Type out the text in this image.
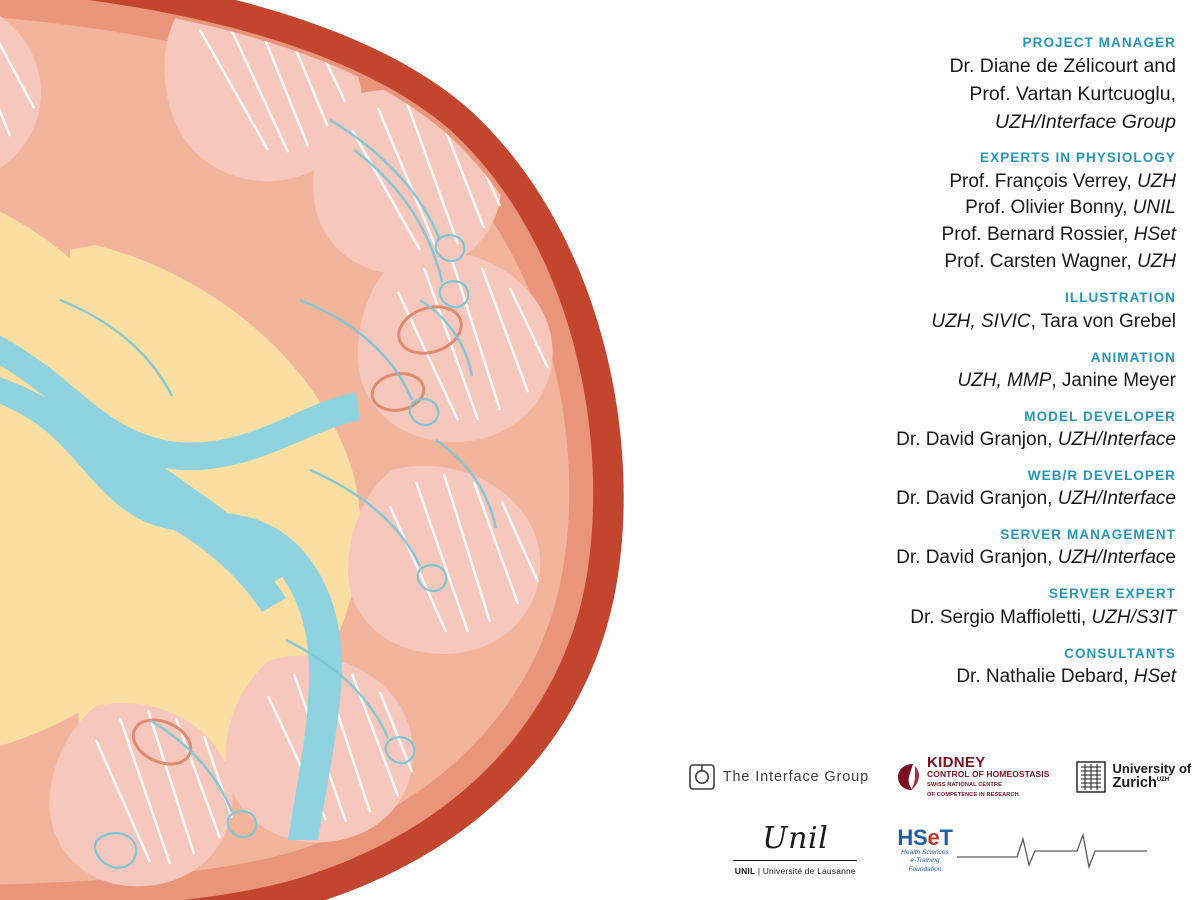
PROJECT MANAGER
Dr. Diane de Zélicourt and
Prof. Vartan Kurtcuoglu,
UZH/Interface Group
EXPERTS IN PHYSIOLOGY
Prof. François Verrey, UZH
Prof. Olivier Bonny, UNIL
Prof. Bernard Rossier, HSet
Prof. Carsten Wagner, UZH
ILLUSTRATION
UZH, SIVIC, Tara von Grebel
ANIMATION
UZH, MMP, Janine Meyer
MODEL DEVELOPER
Dr. David Granjon, UZH/Interface
WEB/R DEVELOPER
Dr. David Granjon, UZH/Interface
SERVER MANAGEMENT
Dr. David Granjon, UZH/Interface
SERVER EXPERT
Dr. Sergio Maffioletti, UZH/S3IT
CONSULTANTS
Dr. Nathalie Debard, HSet
The Interface Group
KIDNEY
CONTROL OF HOMEOSTASIS
SWISS NATIONAL CENTRE
OF COMPETENCE IN RESEARCH
University of
Zurich$^{UZH}$
Unil
UNIL | Université de Lausanne
HSeT
Health Sciences
e-Training
Foundation
